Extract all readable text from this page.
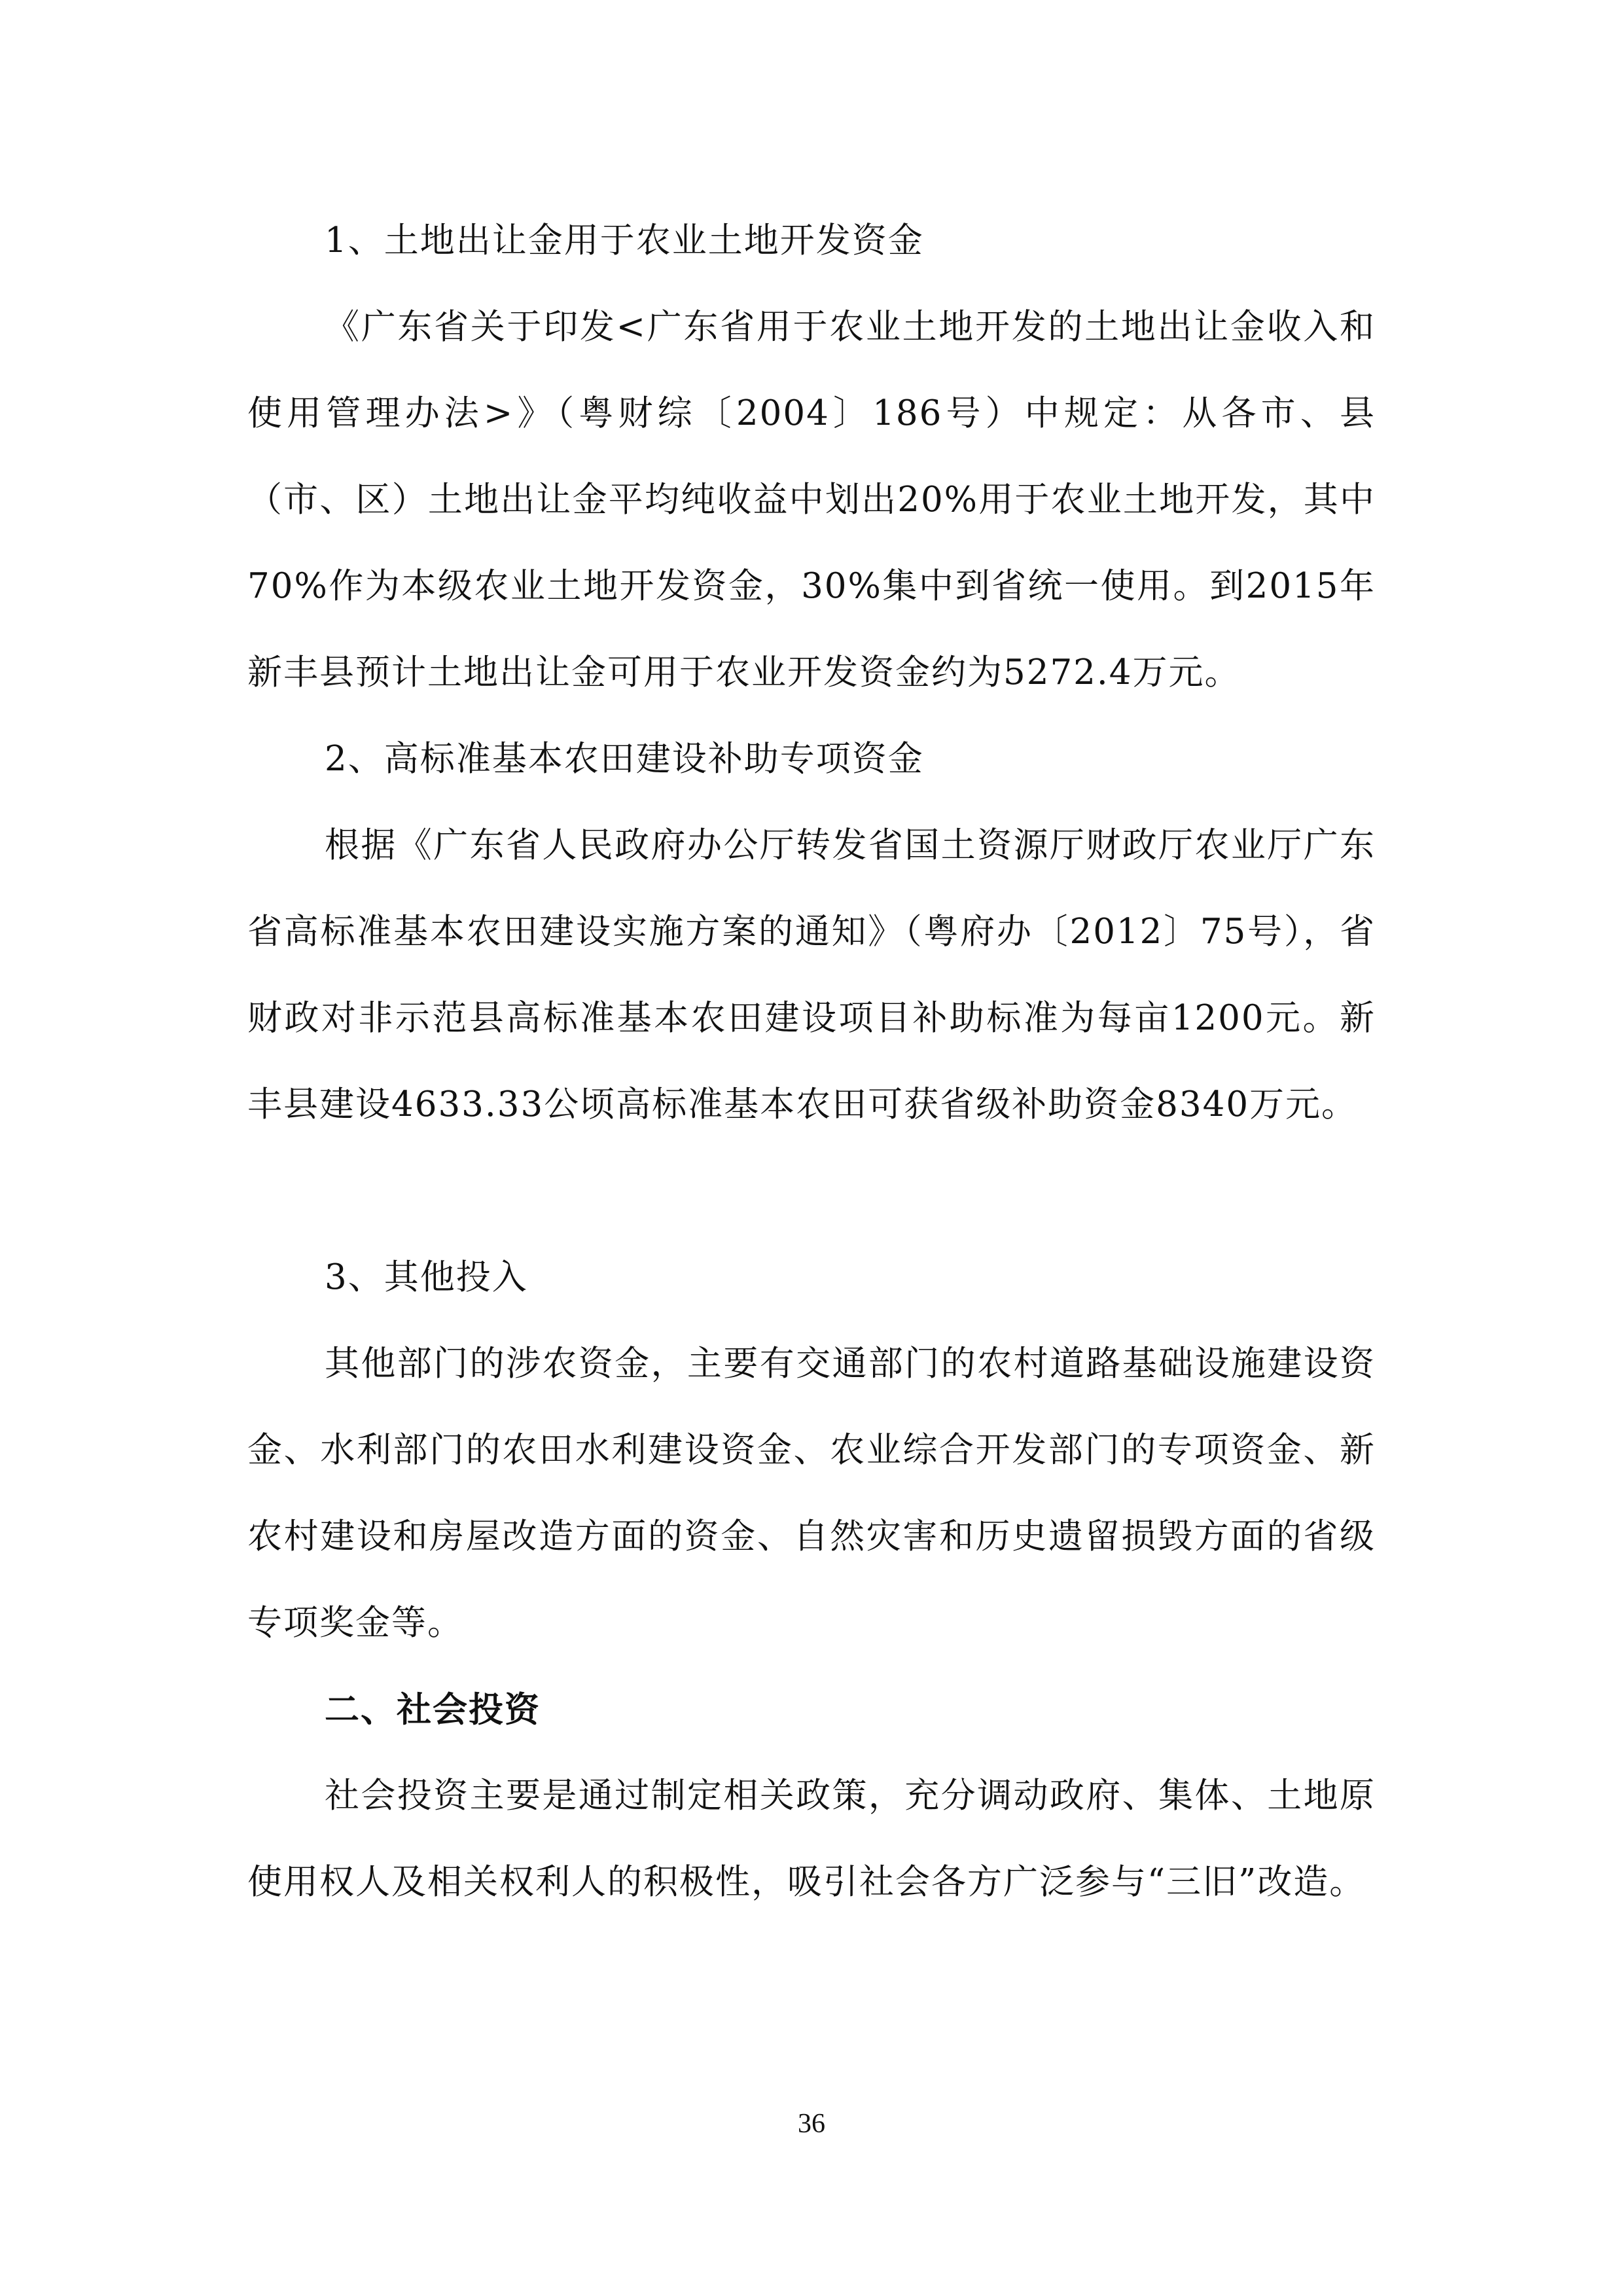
1、土地出让金用于农业土地开发资金
《广东省关于印发<广东省用于农业土地开发的土地出让金收入和使用管理办法>》（粤财综〔2004〕186号）中规定：从各市、县（市、区）土地出让金平均纯收益中划出20%用于农业土地开发，其中70%作为本级农业土地开发资金，30%集中到省统一使用。到2015年新丰县预计土地出让金可用于农业开发资金约为5272.4万元。
2、高标准基本农田建设补助专项资金
根据《广东省人民政府办公厅转发省国土资源厅财政厅农业厅广东省高标准基本农田建设实施方案的通知》（粤府办〔2012〕75号），省财政对非示范县高标准基本农田建设项目补助标准为每亩1200元。新丰县建设4633.33公顷高标准基本农田可获省级补助资金8340万元。
3、其他投入
其他部门的涉农资金，主要有交通部门的农村道路基础设施建设资金、水利部门的农田水利建设资金、农业综合开发部门的专项资金、新农村建设和房屋改造方面的资金、自然灾害和历史遗留损毁方面的省级专项奖金等。
二、社会投资
社会投资主要是通过制定相关政策，充分调动政府、集体、土地原使用权人及相关权利人的积极性，吸引社会各方广泛参与“三旧”改造。
36
